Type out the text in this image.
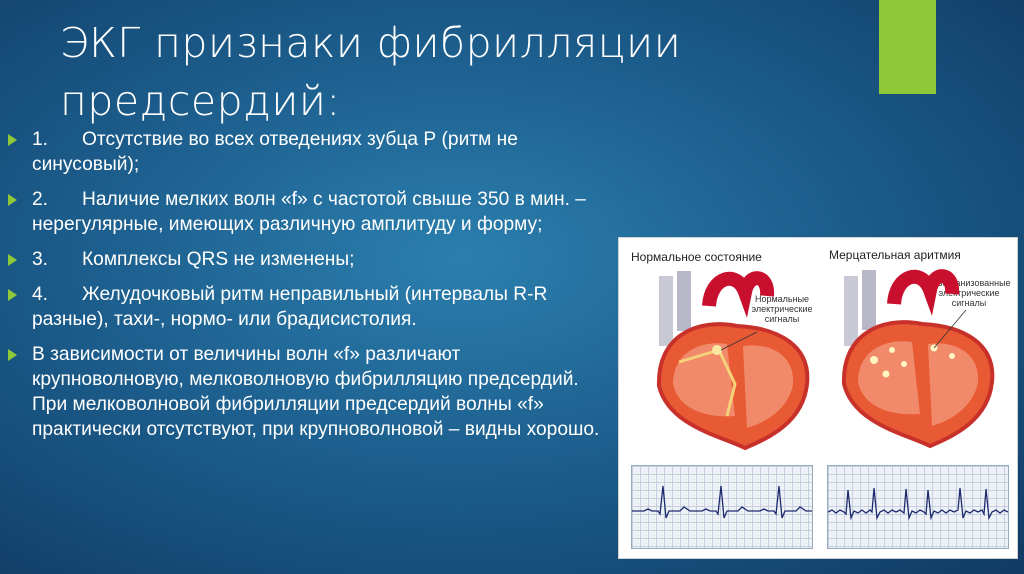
ЭКГ признаки фибрилляции предсердий:
1. Отсутствие во всех отведениях зубца Р (ритм не синусовый);
2. Наличие мелких волн «f» с частотой свыше 350 в мин. – нерегулярные, имеющих различную амплитуду и форму;
3. Комплексы QRS не изменены;
4. Желудочковый ритм неправильный (интервалы R-R разные), тахи-, нормо- или брадисистолия.
В зависимости от величины волн «f» различают крупноволновую, мелковолновую фибрилляцию предсердий. При мелковолновой фибрилляции предсердий волны «f» практически отсутствуют, при крупноволновой – видны хорошо.
Нормальное состояние	Мерцательная аритмия
Нормальные электрические сигналы
Дезорганизованные электрические сигналы
